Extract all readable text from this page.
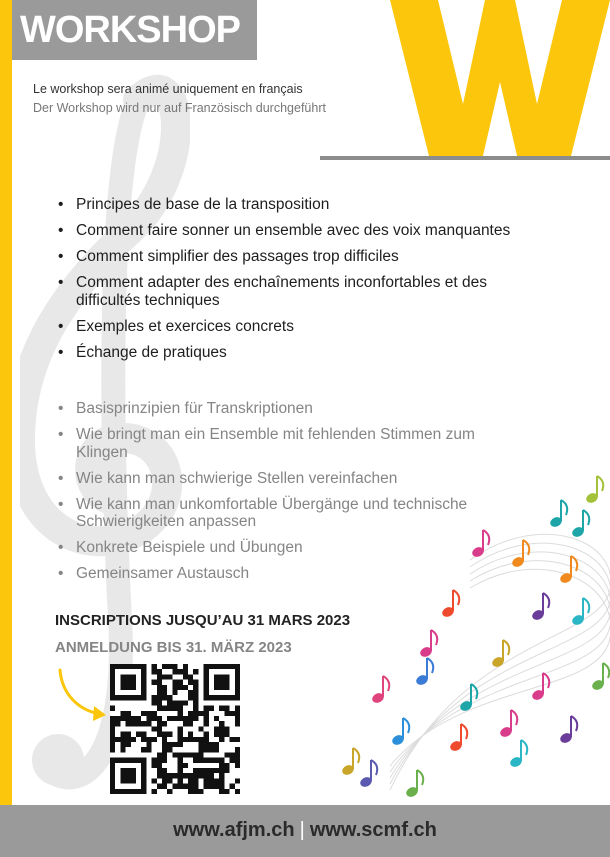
WORKSHOP
Le workshop sera animé uniquement en français
Der Workshop wird nur auf Französisch durchgeführt
• Principes de base de la transposition
• Comment faire sonner un ensemble avec des voix manquantes
• Comment simplifier des passages trop difficiles
• Comment adapter des enchaînements inconfortables et des difficultés techniques
• Exemples et exercices concrets
• Échange de pratiques
• Basisprinzipien für Transkriptionen
• Wie bringt man ein Ensemble mit fehlenden Stimmen zum Klingen
• Wie kann man schwierige Stellen vereinfachen
• Wie kann man unkomfortable Übergänge und technische Schwierigkeiten anpassen
• Konkrete Beispiele und Übungen
• Gemeinsamer Austausch
INSCRIPTIONS JUSQU’AU 31 MARS 2023
ANMELDUNG BIS 31. MÄRZ 2023
www.afjm.ch | www.scmf.ch
